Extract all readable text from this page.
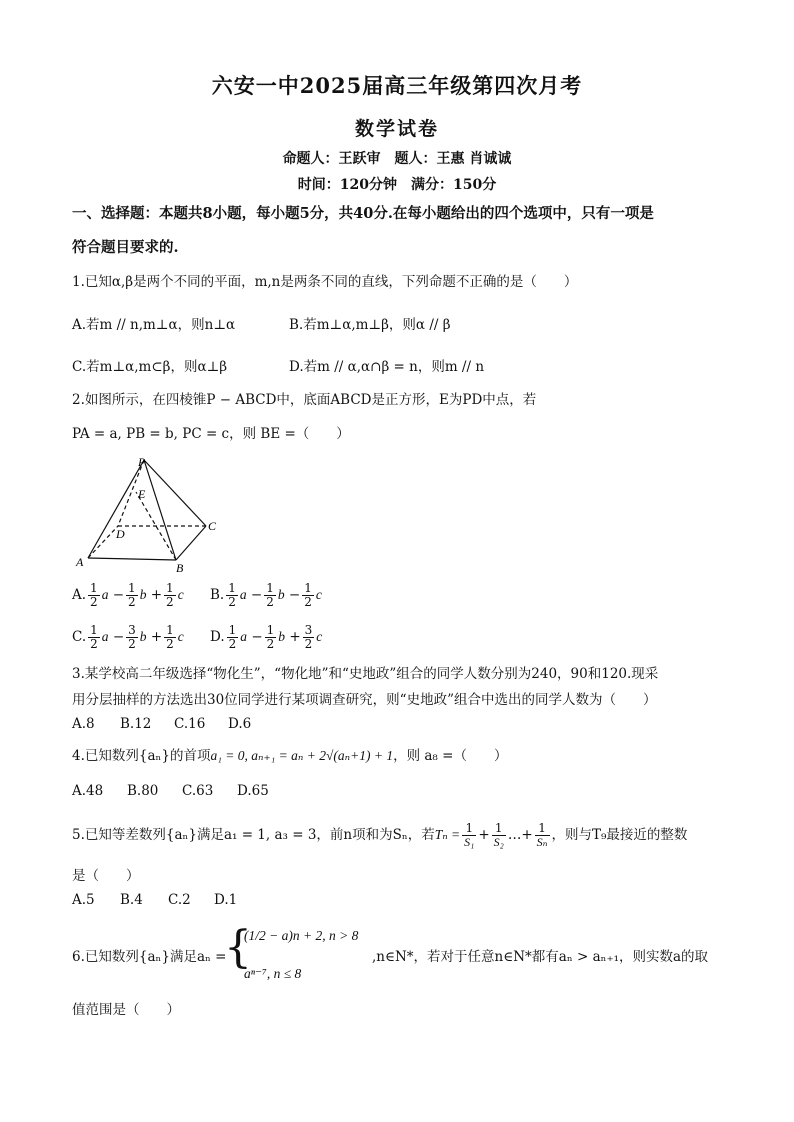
六安一中2025届高三年级第四次月考
数学试卷
命题人：王跃审　题人：王惠 肖诚诚
时间：120分钟　满分：150分
一、选择题：本题共8小题，每小题5分，共40分.在每小题给出的四个选项中，只有一项是
符合题目要求的.
1.已知α,β是两个不同的平面，m,n是两条不同的直线，下列命题不正确的是（　　）
A.若m // n,m⊥α，则n⊥α	B.若m⊥α,m⊥β，则α // β
C.若m⊥α,m⊂β，则α⊥β	D.若m // α,α∩β = n，则m // n
2.如图所示，在四棱锥P − ABCD中，底面ABCD是正方形，E为PD中点，若
PA = a, PB = b, PC = c，则 BE =（　　）
P
E
D
C
A	B
A. $\frac{1}{2}$ $a - \frac{1}{2}$ $b + \frac{1}{2}$ c B. $\frac{1}{2}$ $a - \frac{1}{2}$ $b - \frac{1}{2}$ c
C. $\frac{1}{2}$ $a - \frac{3}{2}$ $b + \frac{1}{2}$ c D. $\frac{1}{2}$ $a - \frac{1}{2}$ $b + \frac{3}{2}$ c
3.某学校高二年级选择“物化生”，“物化地”和“史地政”组合的同学人数分别为240，90和120.现采
用分层抽样的方法选出30位同学进行某项调查研究，则“史地政”组合中选出的同学人数为（　　）
A.8 B.12 C.16 D.6
4.已知数列{aₙ}的首项a₁ = 0, aₙ₊₁ = aₙ + 2√(aₙ+1) + 1，则 a₈ =（　　）
A.48 B.80 C.63 D.65
5.已知等差数列{aₙ}满足a₁ = 1, a₃ = 3，前n项和为Sₙ，若$T_n = \frac{1}{\text{S₁}} + \frac{1}{\text{S₂}}$ …+ $\frac{1}{\text{Sₙ}}$ ，则与T₉最接近的整数
是（　　）
A.5 B.4 C.2 D.1
6.已知数列{aₙ}满足aₙ =
{
(1/2 − a)n + 2, n > 8
aⁿ⁻⁷, n ≤ 8
,n∈N*，若对于任意n∈N*都有aₙ > aₙ₊₁，则实数a的取
值范围是（　　）
